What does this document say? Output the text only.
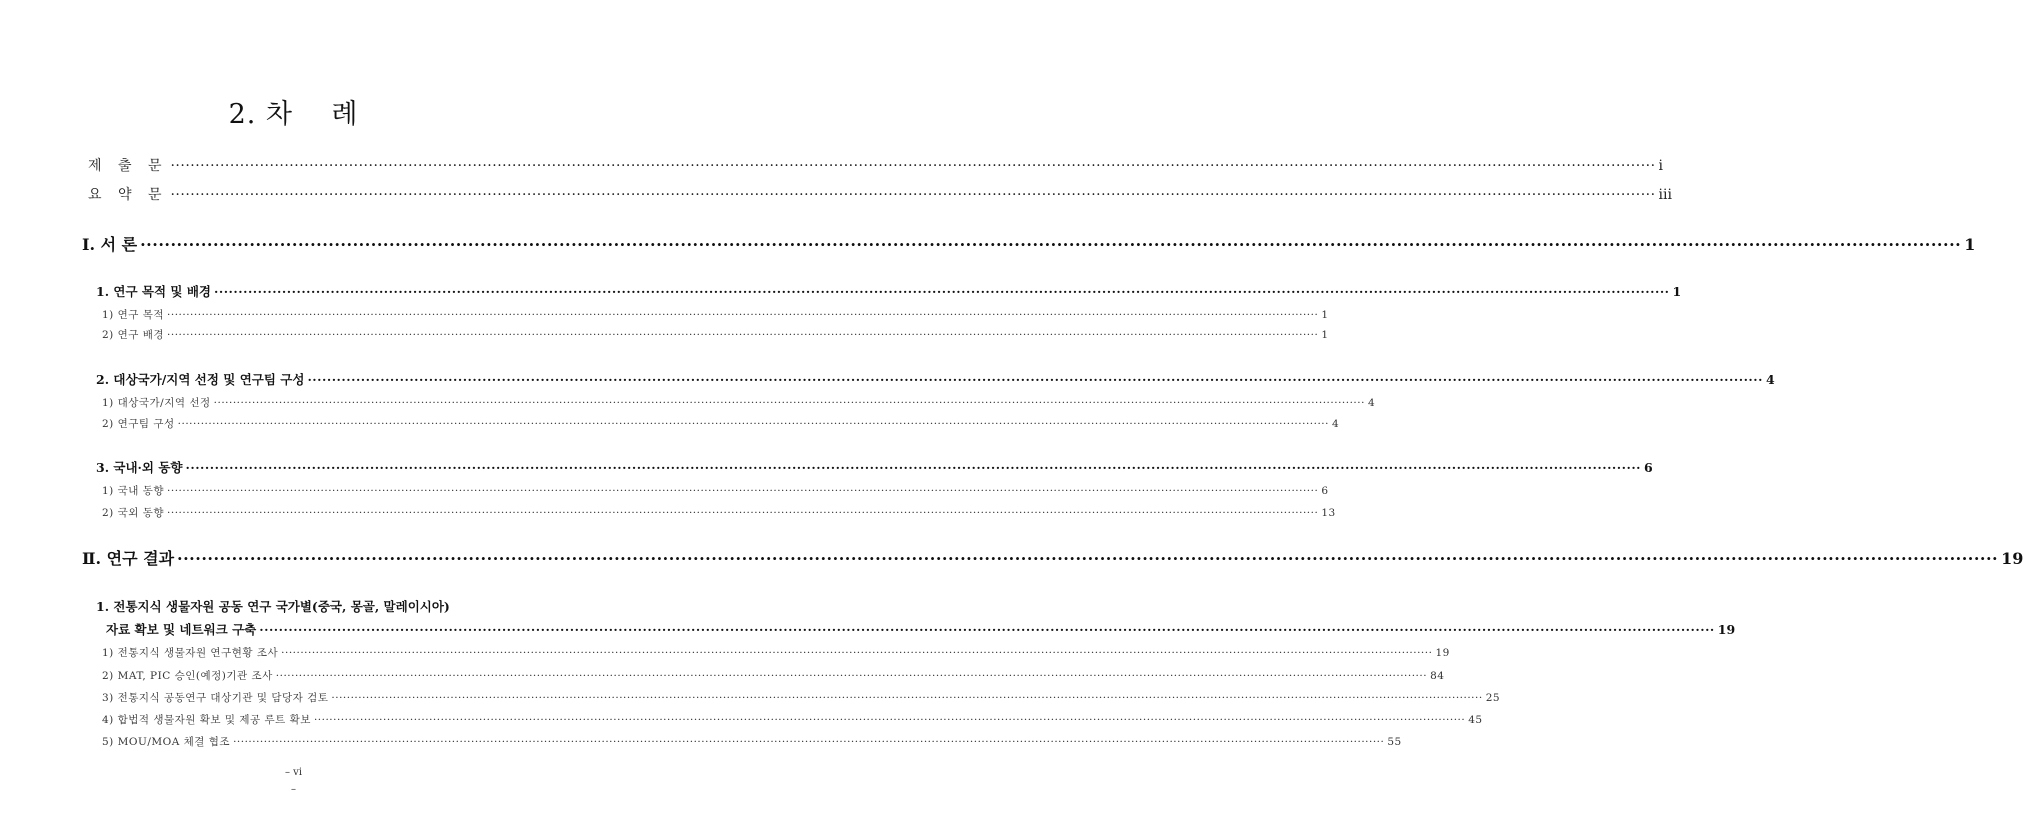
2. 차    례
제 출 문 ············································································································································································································································································································ i
요 약 문 ············································································································································································································································································································ iii
Ⅰ. 서 론 ············································································································································································································································································································ 1
1. 연구 목적 및 배경 ············································································································································································································································································································ 1
1) 연구 목적 ············································································································································································································································································································ 1
2) 연구 배경 ············································································································································································································································································································ 1
2. 대상국가/지역 선정 및 연구팀 구성 ············································································································································································································································································································ 4
1) 대상국가/지역 선정 ············································································································································································································································································································ 4
2) 연구팀 구성 ············································································································································································································································································································ 4
3. 국내·외 동향 ············································································································································································································································································································ 6
1) 국내 동향 ············································································································································································································································································································ 6
2) 국외 동향 ············································································································································································································································································································ 13
Ⅱ. 연구 결과 ············································································································································································································································································································ 19
1. 전통지식 생물자원 공동 연구 국가별(중국, 몽골, 말레이시아)
자료 확보 및 네트워크 구축 ············································································································································································································································································································ 19
1) 전통지식 생물자원 연구현황 조사 ············································································································································································································································································································ 19
2) MAT, PIC 승인(예정)기관 조사 ············································································································································································································································································································ 84
3) 전통지식 공동연구 대상기관 및 담당자 검토 ············································································································································································································································································································ 25
4) 합법적 생물자원 확보 및 제공 루트 확보 ············································································································································································································································································································ 45
5) MOU/MOA 체결 협조 ············································································································································································································································································································ 55
– vi
–
